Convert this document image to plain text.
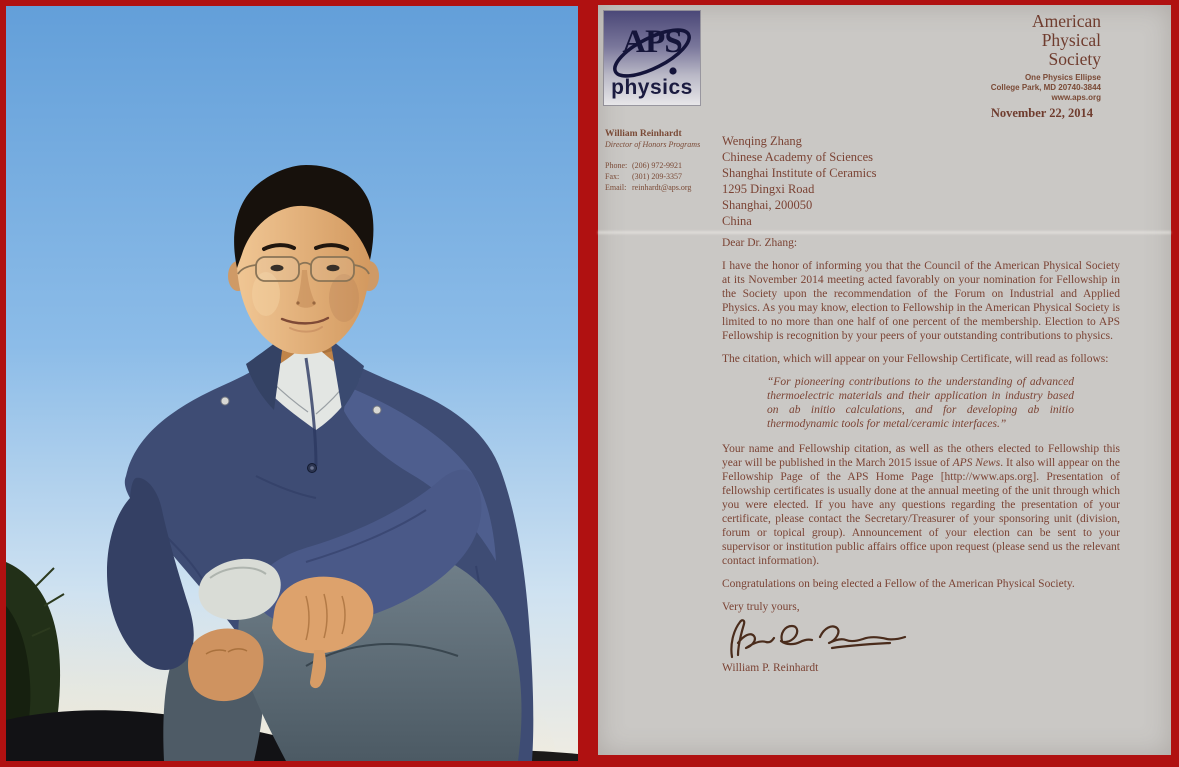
APS
physics
American
Physical
Society
One Physics Ellipse
College Park, MD 20740-3844
www.aps.org
November 22, 2014
William Reinhardt
Director of Honors Programs
Phone: (206) 972-9921
Fax:	(301) 209-3357
Email: reinhardt@aps.org
Wenqing Zhang
Chinese Academy of Sciences
Shanghai Institute of Ceramics
1295 Dingxi Road
Shanghai, 200050
China

Dear Dr. Zhang:

I have the honor of informing you that the Council of the American Physical Society at its November 2014 meeting acted favorably on your nomination for Fellowship in the Society upon the recommendation of the Forum on Industrial and Applied Physics. As you may know, election to Fellowship in the American Physical Society is limited to no more than one half of one percent of the membership. Election to APS Fellowship is recognition by your peers of your outstanding contributions to physics.

The citation, which will appear on your Fellowship Certificate, will read as follows:

“For pioneering contributions to the understanding of advanced thermoelectric materials and their application in industry based on ab initio calculations, and for developing ab initio thermodynamic tools for metal/ceramic interfaces.”

Your name and Fellowship citation, as well as the others elected to Fellowship this year will be published in the March 2015 issue of APS News. It also will appear on the Fellowship Page of the APS Home Page [http://www.aps.org]. Presentation of fellowship certificates is usually done at the annual meeting of the unit through which you were elected. If you have any questions regarding the presentation of your certificate, please contact the Secretary/Treasurer of your sponsoring unit (division, forum or topical group). Announcement of your election can be sent to your supervisor or institution public affairs office upon request (please send us the relevant contact information).

Congratulations on being elected a Fellow of the American Physical Society.

Very truly yours,

William P. Reinhardt
